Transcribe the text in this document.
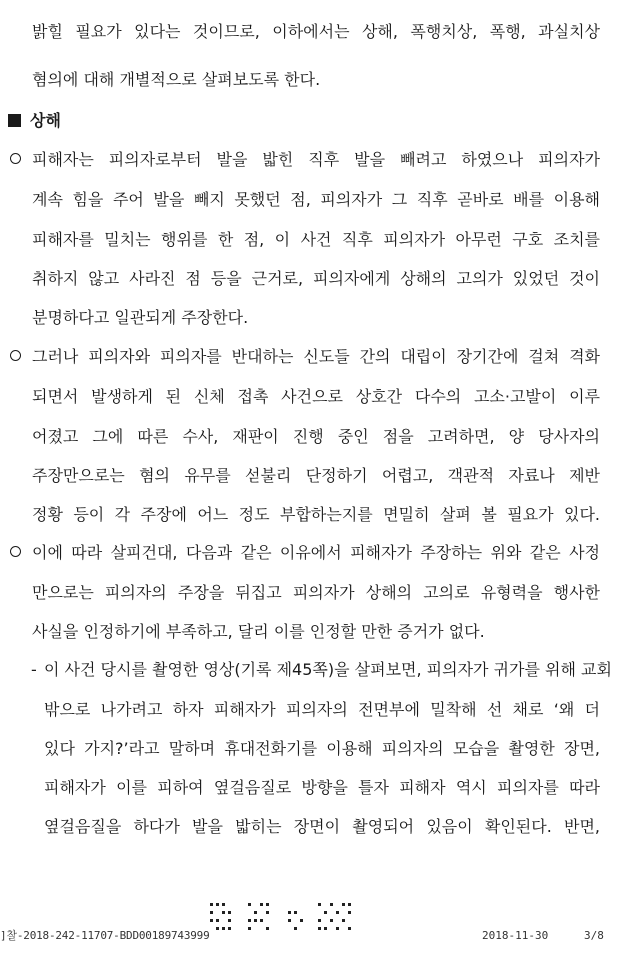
밝힐 필요가 있다는 것이므로, 이하에서는 상해, 폭행치상, 폭행, 과실치상
혐의에 대해 개별적으로 살펴보도록 한다.
상해
피해자는 피의자로부터 발을 밟힌 직후 발을 빼려고 하였으나 피의자가
계속 힘을 주어 발을 빼지 못했던 점, 피의자가 그 직후 곧바로 배를 이용해
피해자를 밀치는 행위를 한 점, 이 사건 직후 피의자가 아무런 구호 조치를
취하지 않고 사라진 점 등을 근거로, 피의자에게 상해의 고의가 있었던 것이
분명하다고 일관되게 주장한다.
그러나 피의자와 피의자를 반대하는 신도들 간의 대립이 장기간에 걸쳐 격화
되면서 발생하게 된 신체 접촉 사건으로 상호간 다수의 고소·고발이 이루
어졌고 그에 따른 수사, 재판이 진행 중인 점을 고려하면, 양 당사자의
주장만으로는 혐의 유무를 섣불리 단정하기 어렵고, 객관적 자료나 제반
정황 등이 각 주장에 어느 정도 부합하는지를 면밀히 살펴 볼 필요가 있다.
이에 따라 살피건대, 다음과 같은 이유에서 피해자가 주장하는 위와 같은 사정
만으로는 피의자의 주장을 뒤집고 피의자가 상해의 고의로 유형력을 행사한
사실을 인정하기에 부족하고, 달리 이를 인정할 만한 증거가 없다.
- 이 사건 당시를 촬영한 영상(기록 제45쪽)을 살펴보면, 피의자가 귀가를 위해 교회
밖으로 나가려고 하자 피해자가 피의자의 전면부에 밀착해 선 채로 ‘왜 더
있다 가지?’라고 말하며 휴대전화기를 이용해 피의자의 모습을 촬영한 장면,
피해자가 이를 피하여 옆걸음질로 방향을 틀자 피해자 역시 피의자를 따라
옆걸음질을 하다가 발을 밟히는 장면이 촬영되어 있음이 확인된다. 반면,
]찰-2018-242-11707-BDD00189743999	2018-11-30	3/8
